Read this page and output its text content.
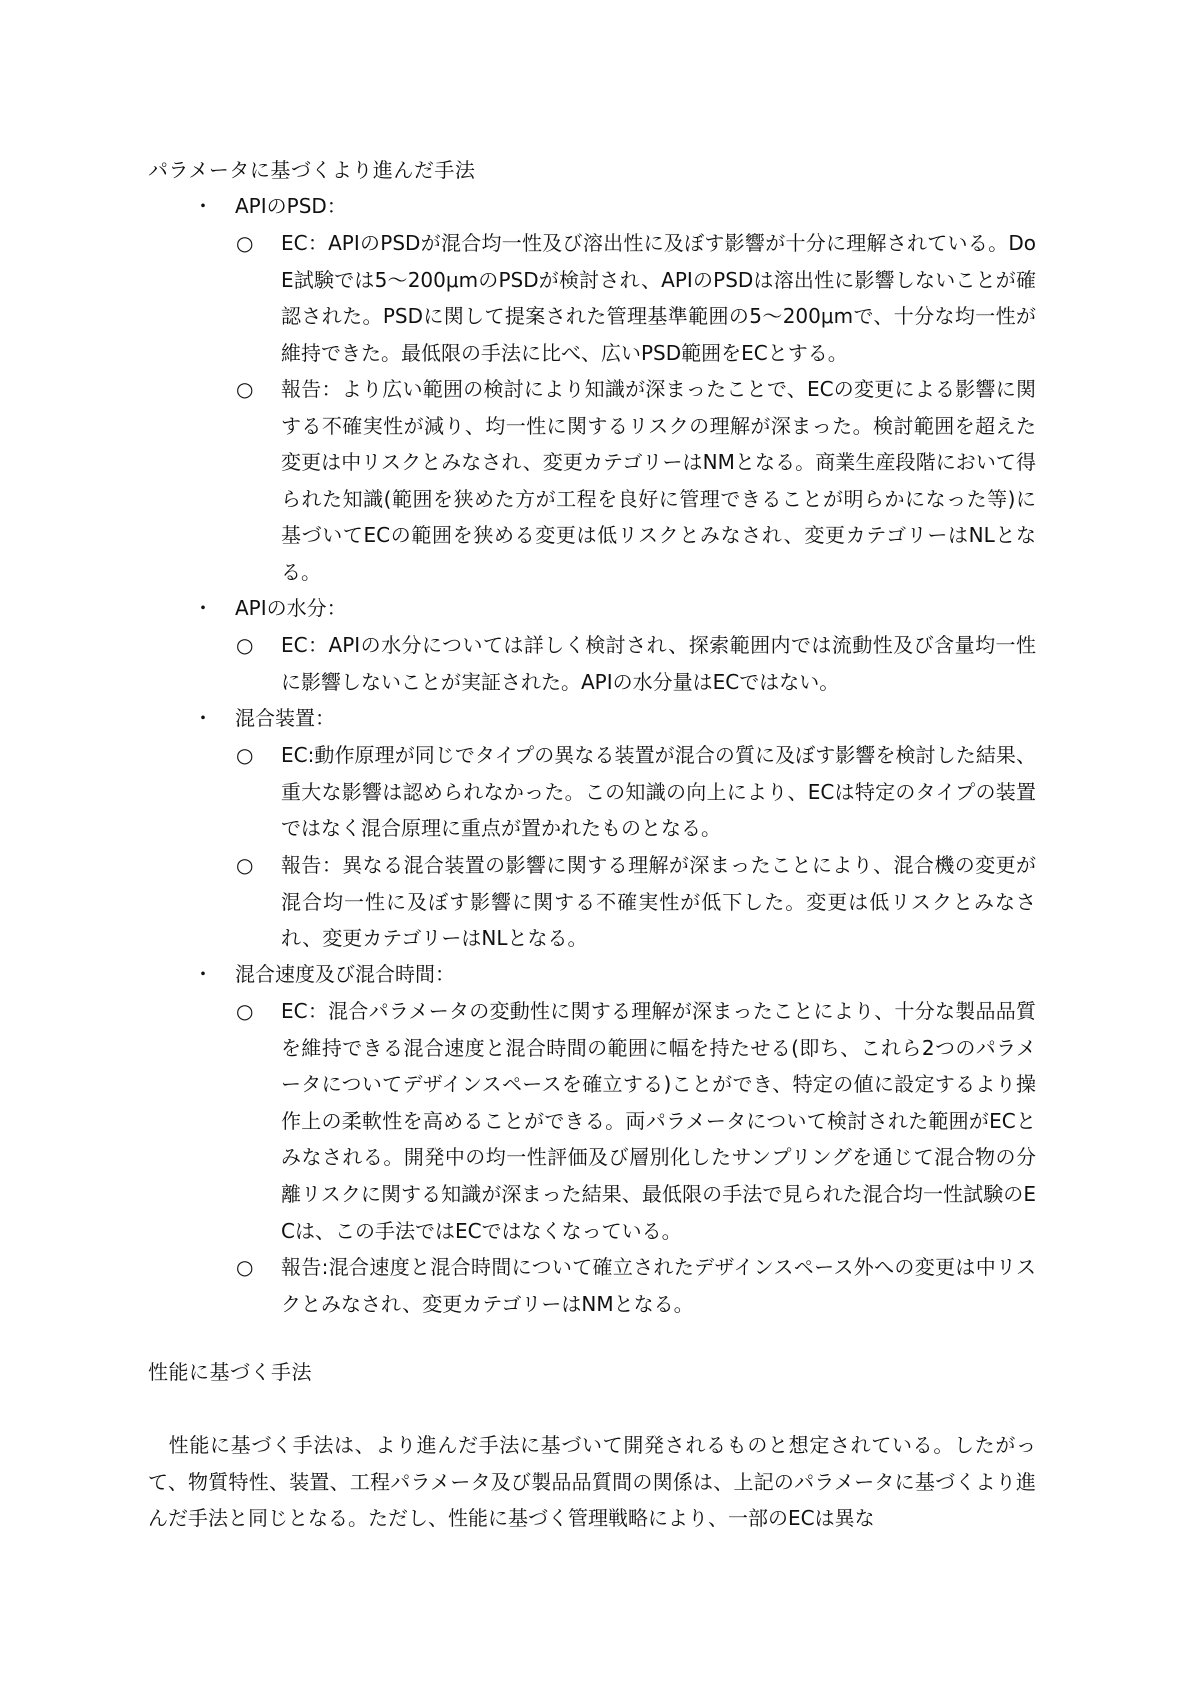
パラメータに基づくより進んだ手法
・ APIのPSD：
○	EC：APIのPSDが混合均一性及び溶出性に及ぼす影響が十分に理解されている。DoE試験では5～200μmのPSDが検討され、APIのPSDは溶出性に影響しないことが確認された。PSDに関して提案された管理基準範囲の5～200μmで、十分な均一性が維持できた。最低限の手法に比べ、広いPSD範囲をECとする。
○	報告：より広い範囲の検討により知識が深まったことで、ECの変更による影響に関する不確実性が減り、均一性に関するリスクの理解が深まった。検討範囲を超えた変更は中リスクとみなされ、変更カテゴリーはNMとなる。商業生産段階において得られた知識(範囲を狭めた方が工程を良好に管理できることが明らかになった等)に基づいてECの範囲を狭める変更は低リスクとみなされ、変更カテゴリーはNLとなる。
・ APIの水分：
○	EC：APIの水分については詳しく検討され、探索範囲内では流動性及び含量均一性に影響しないことが実証された。APIの水分量はECではない。
・ 混合装置：
○	EC:動作原理が同じでタイプの異なる装置が混合の質に及ぼす影響を検討した結果、重大な影響は認められなかった。この知識の向上により、ECは特定のタイプの装置ではなく混合原理に重点が置かれたものとなる。
○	報告：異なる混合装置の影響に関する理解が深まったことにより、混合機の変更が混合均一性に及ぼす影響に関する不確実性が低下した。変更は低リスクとみなされ、変更カテゴリーはNLとなる。
・ 混合速度及び混合時間：
○	EC：混合パラメータの変動性に関する理解が深まったことにより、十分な製品品質を維持できる混合速度と混合時間の範囲に幅を持たせる(即ち、これら2つのパラメータについてデザインスペースを確立する)ことができ、特定の値に設定するより操作上の柔軟性を高めることができる。両パラメータについて検討された範囲がECとみなされる。開発中の均一性評価及び層別化したサンプリングを通じて混合物の分離リスクに関する知識が深まった結果、最低限の手法で見られた混合均一性試験のECは、この手法ではECではなくなっている。
○	報告:混合速度と混合時間について確立されたデザインスペース外への変更は中リスクとみなされ、変更カテゴリーはNMとなる。
性能に基づく手法
　性能に基づく手法は、より進んだ手法に基づいて開発されるものと想定されている。したがって、物質特性、装置、工程パラメータ及び製品品質間の関係は、上記のパラメータに基づくより進んだ手法と同じとなる。ただし、性能に基づく管理戦略により、一部のECは異な
